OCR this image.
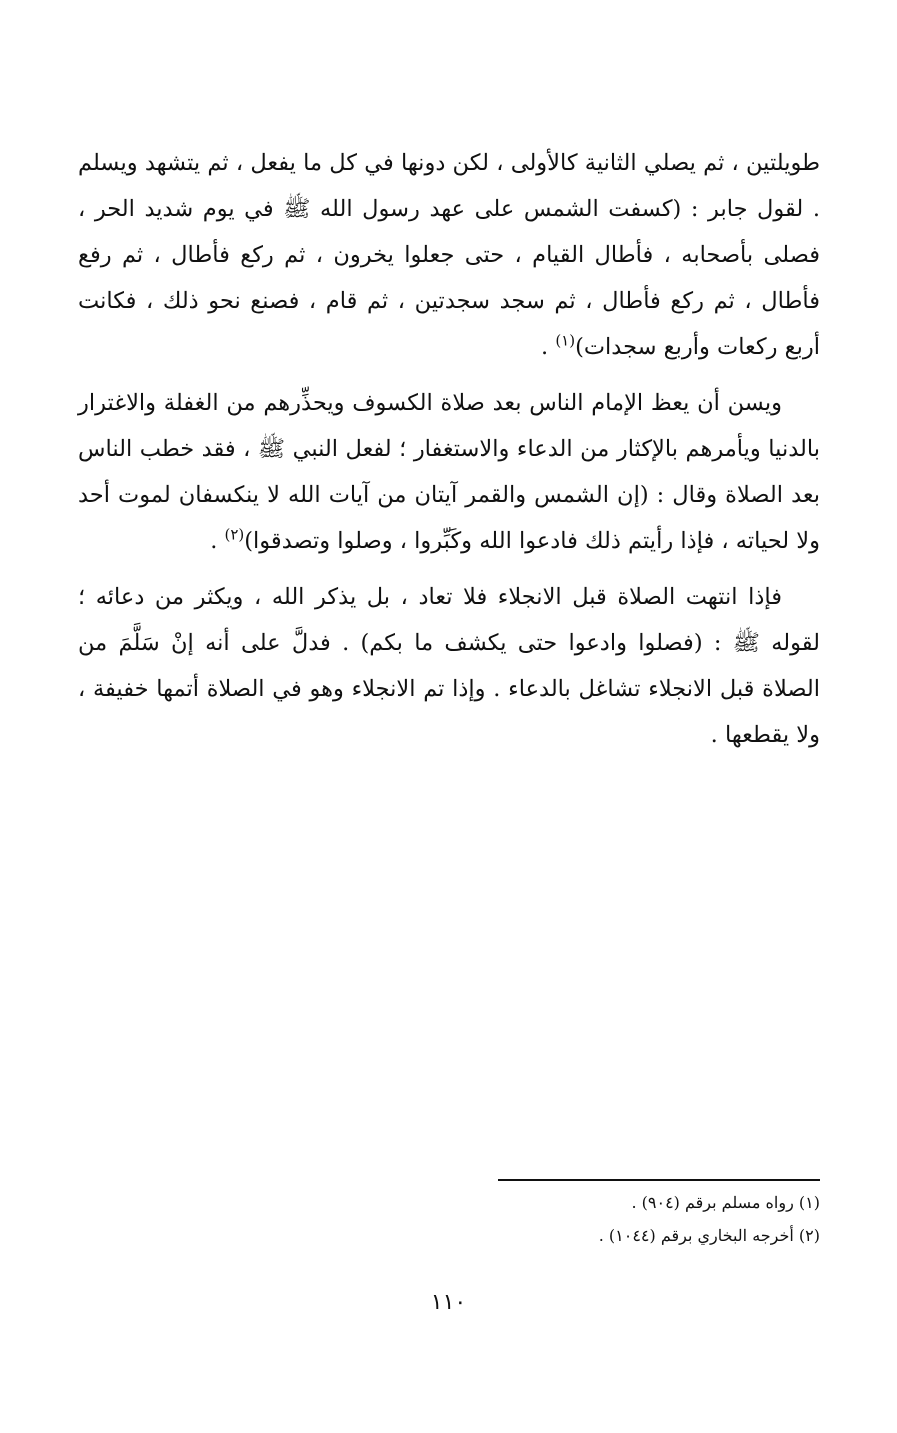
طويلتين ، ثم يصلي الثانية كالأولى ، لكن دونها في كل ما يفعل ، ثم يتشهد ويسلم . لقول جابر : (كسفت الشمس على عهد رسول الله ﷺ في يوم شديد الحر ، فصلى بأصحابه ، فأطال القيام ، حتى جعلوا يخرون ، ثم ركع فأطال ، ثم رفع فأطال ، ثم ركع فأطال ، ثم سجد سجدتين ، ثم قام ، فصنع نحو ذلك ، فكانت أربع ركعات وأربع سجدات)$^{(١)}$ .

ويسن أن يعظ الإمام الناس بعد صلاة الكسوف ويحذِّرهم من الغفلة والاغترار بالدنيا ويأمرهم بالإكثار من الدعاء والاستغفار ؛ لفعل النبي ﷺ ، فقد خطب الناس بعد الصلاة وقال : (إن الشمس والقمر آيتان من آيات الله لا ينكسفان لموت أحد ولا لحياته ، فإذا رأيتم ذلك فادعوا الله وكَبِّروا ، وصلوا وتصدقوا)$^{(٢)}$ .

فإذا انتهت الصلاة قبل الانجلاء فلا تعاد ، بل يذكر الله ، ويكثر من دعائه ؛ لقوله ﷺ : (فصلوا وادعوا حتى يكشف ما بكم) . فدلَّ على أنه إنْ سَلَّمَ من الصلاة قبل الانجلاء تشاغل بالدعاء . وإذا تم الانجلاء وهو في الصلاة أتمها خفيفة ، ولا يقطعها .

(١) رواه مسلم برقم (٩٠٤) .

(٢) أخرجه البخاري برقم (١٠٤٤) .

١١٠
